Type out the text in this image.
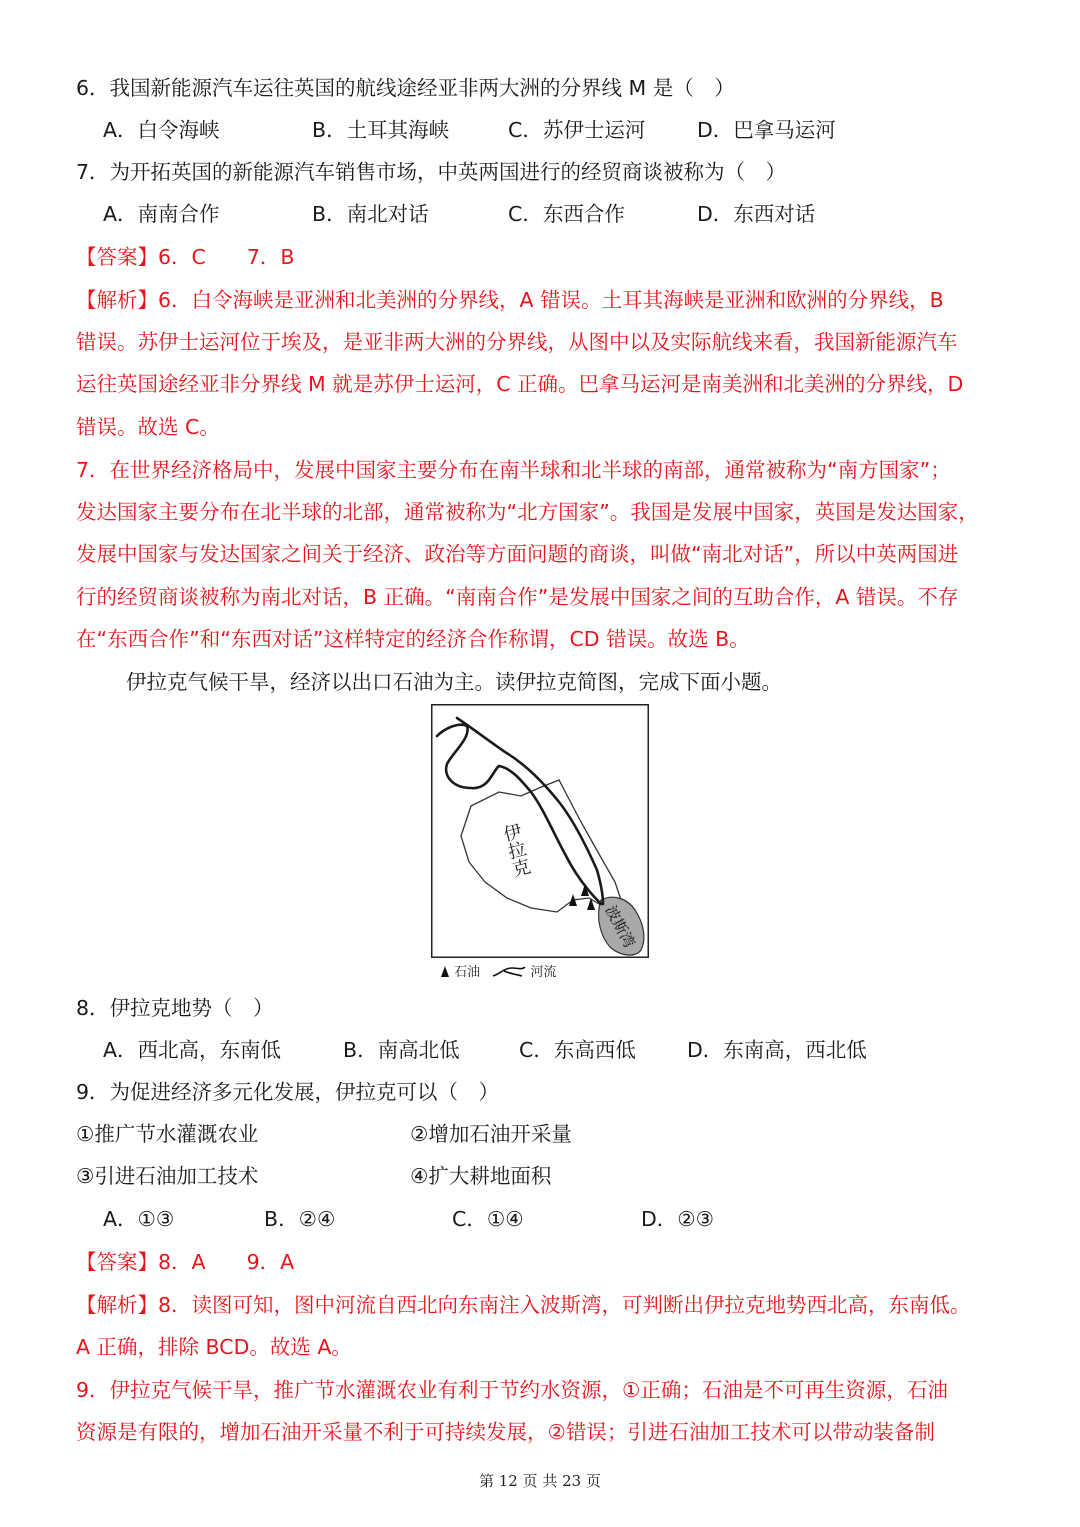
6．我国新能源汽车运往英国的航线途经亚非两大洲的分界线 M 是（　）
A．白令海峡	B．土耳其海峡	C．苏伊士运河	D．巴拿马运河
7．为开拓英国的新能源汽车销售市场，中英两国进行的经贸商谈被称为（　）
A．南南合作	B．南北对话	C．东西合作	D．东西对话
【答案】6．C　　7．B
【解析】6．白令海峡是亚洲和北美洲的分界线，A 错误。土耳其海峡是亚洲和欧洲的分界线，B
错误。苏伊士运河位于埃及，是亚非两大洲的分界线，从图中以及实际航线来看，我国新能源汽车
运往英国途经亚非分界线 M 就是苏伊士运河，C 正确。巴拿马运河是南美洲和北美洲的分界线，D
错误。故选 C。
7．在世界经济格局中，发展中国家主要分布在南半球和北半球的南部，通常被称为“南方国家”；
发达国家主要分布在北半球的北部，通常被称为“北方国家”。我国是发展中国家，英国是发达国家，
发展中国家与发达国家之间关于经济、政治等方面问题的商谈，叫做“南北对话”，所以中英两国进
行的经贸商谈被称为南北对话，B 正确。“南南合作”是发展中国家之间的互助合作，A 错误。不存
在“东西合作”和“东西对话”这样特定的经济合作称谓，CD 错误。故选 B。
伊拉克气候干旱，经济以出口石油为主。读伊拉克简图，完成下面小题。
伊拉克
波斯湾
石油	河流
8．伊拉克地势（　）
A．西北高，东南低	B．南高北低	C．东高西低 D．东南高，西北低
9．为促进经济多元化发展，伊拉克可以（　）
①推广节水灌溉农业	②增加石油开采量
③引进石油加工技术	④扩大耕地面积
A．①③	B．②④	C．①④	D．②③
【答案】8．A　　9．A
【解析】8．读图可知，图中河流自西北向东南注入波斯湾，可判断出伊拉克地势西北高，东南低。
A 正确，排除 BCD。故选 A。
9．伊拉克气候干旱，推广节水灌溉农业有利于节约水资源，①正确；石油是不可再生资源，石油
资源是有限的，增加石油开采量不利于可持续发展，②错误；引进石油加工技术可以带动装备制
第 12 页 共 23 页
